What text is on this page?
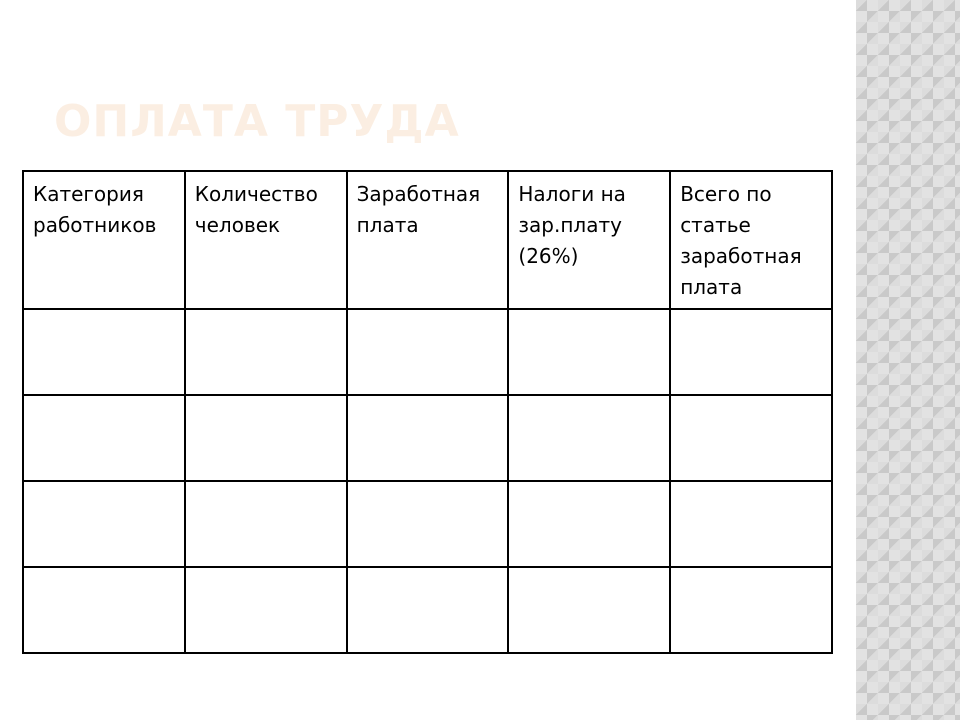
ОПЛАТА ТРУДА
Категория работников	Количество человек	Заработная плата	Налоги на зар.плату (26%)	Всего по статье заработная плата
